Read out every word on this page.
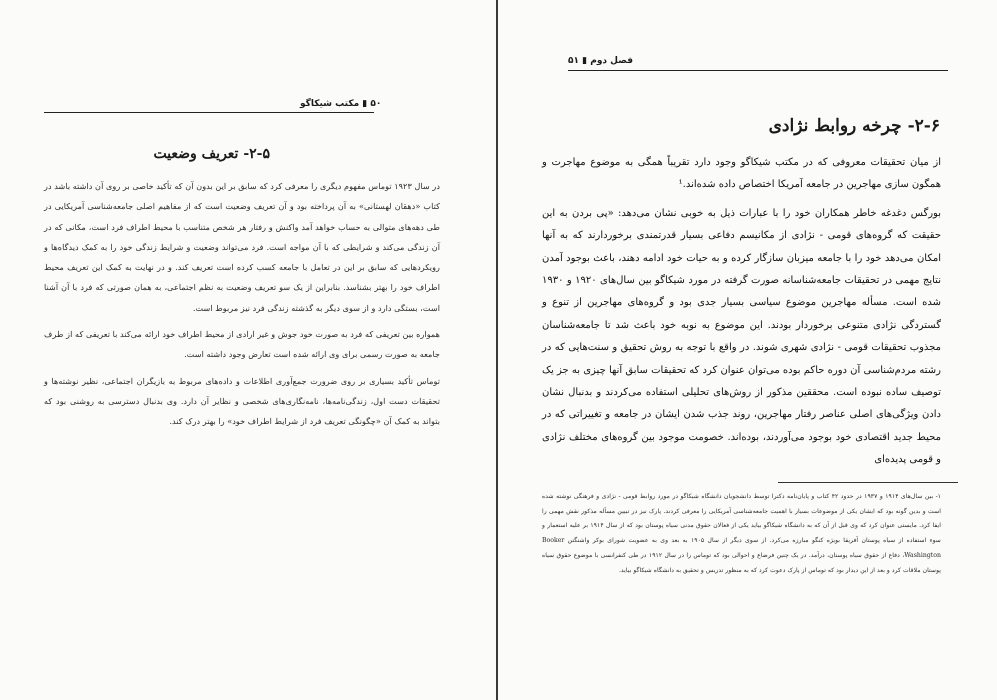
۵۰ ▮ مکتب شیکاگو
۲-۵- تعریف وضعیت

در سال ۱۹۲۳ توماس مفهوم دیگری را معرفی کرد که سابق بر این بدون آن که تأکید خاصی بر روی آن داشته باشد در کتاب «دهقان لهستانی» به آن پرداخته بود و آن تعریف وضعیت است که از مفاهیم اصلی جامعه‌شناسی آمریکایی در طی دهه‌های متوالی به حساب خواهد آمد واکنش و رفتار هر شخص متناسب با محیط اطراف فرد است، مکانی که در آن زندگی می‌کند و شرایطی که با آن مواجه است. فرد می‌تواند وضعیت و شرایط زندگی خود را به کمک دیدگاه‌ها و رویکردهایی که سابق بر این در تعامل با جامعه کسب کرده است تعریف کند. و در نهایت به کمک این تعریف محیط اطراف خود را بهتر بشناسد. بنابراین از یک سو تعریف وضعیت به نظم اجتماعی، به همان صورتی که فرد با آن آشنا است، بستگی دارد و از سوی دیگر به گذشته زندگی فرد نیز مربوط است.

همواره بین تعریفی که فرد به صورت خود جوش و غیر ارادی از محیط اطراف خود ارائه می‌کند با تعریفی که از طرف جامعه به صورت رسمی برای وی ارائه شده است تعارض وجود داشته است.

توماس تأکید بسیاری بر روی ضرورت جمع‌آوری اطلاعات و داده‌های مربوط به بازیگران اجتماعی، نظیر نوشته‌ها و تحقیقات دست اول، زندگی‌نامه‌ها، نامه‌نگاری‌های شخصی و نظایر آن دارد. وی بدنبال دسترسی به روشنی بود که بتواند به کمک آن «چگونگی تعریف فرد از شرایط اطراف خود» را بهتر درک کند.

فصل دوم ▮ ۵۱
۲-۶- چرخه روابط نژادی

از میان تحقیقات معروفی که در مکتب شیکاگو وجود دارد تقریباً همگی به موضوع مهاجرت و همگون سازی مهاجرین در جامعه آمریکا اختصاص داده شده‌اند.¹

بورگس دغدغه خاطر همکاران خود را با عبارات ذیل به خوبی نشان می‌دهد: «پی بردن به این حقیقت که گروه‌های قومی - نژادی از مکانیسم دفاعی بسیار قدرتمندی برخوردارند که به آنها امکان می‌دهد خود را با جامعه میزبان سازگار کرده و به حیات خود ادامه دهند، باعث بوجود آمدن نتایج مهمی در تحقیقات جامعه‌شناسانه صورت گرفته در مورد شیکاگو بین سال‌های ۱۹۲۰ و ۱۹۳۰ شده است. مسأله مهاجرین موضوع سیاسی بسیار جدی بود و گروه‌های مهاجرین از تنوع و گستردگی نژادی متنوعی برخوردار بودند. این موضوع به نوبه خود باعث شد تا جامعه‌شناسان مجذوب تحقیقات قومی - نژادی شهری شوند. در واقع با توجه به روش تحقیق و سنت‌هایی که در رشته مردم‌شناسی آن دوره حاکم بوده می‌توان عنوان کرد که تحقیقات سابق آنها چیزی به جز یک توصیف ساده نبوده است. محققین مذکور از روش‌های تحلیلی استفاده می‌کردند و بدنبال نشان دادن ویژگی‌های اصلی عناصر رفتار مهاجرین، روند جذب شدن ایشان در جامعه و تغییراتی که در محیط جدید اقتصادی خود بوجود می‌آوردند، بوده‌اند. خصومت موجود بین گروه‌های مختلف نژادی و قومی پدیده‌ای

۱- بین سال‌های ۱۹۱۴ و ۱۹۳۷ در حدود ۴۲ کتاب و پایان‌نامه دکترا توسط دانشجویان دانشگاه شیکاگو در مورد روابط قومی - نژادی و فرهنگی نوشته شده است و بدین گونه بود که ایشان یکی از موضوعات بسیار با اهمیت جامعه‌شناسی آمریکایی را معرفی کردند. پارک نیز در تبیین مسأله مذکور نقش مهمی را ایفا کرد. مایستی عنوان کرد که وی قبل از آن که به دانشگاه شیکاگو بیاید یکی از فعالان حقوق مدنی سیاه پوستان بود که از سال ۱۹۱۴ بر علیه استعمار و سوء استفاده از سیاه پوستان آفریقا بویژه کنگو مبارزه می‌کرد. از سوی دیگر از سال ۱۹۰۵ به بعد وی به عضویت شورای بوکر واشنگتن Booker Washington، دفاع از حقوق سیاه پوستان، درآمد. در یک چنین فرضاع و احوالی بود که توماس را در سال ۱۹۱۲ در طی کنفرانسی با موضوع حقوق سیاه پوستان ملاقات کرد و بعد از این دیدار بود که توماس از پارک دعوت کرد که به منظور تدریس و تحقیق به دانشگاه شیکاگو بیاید.
